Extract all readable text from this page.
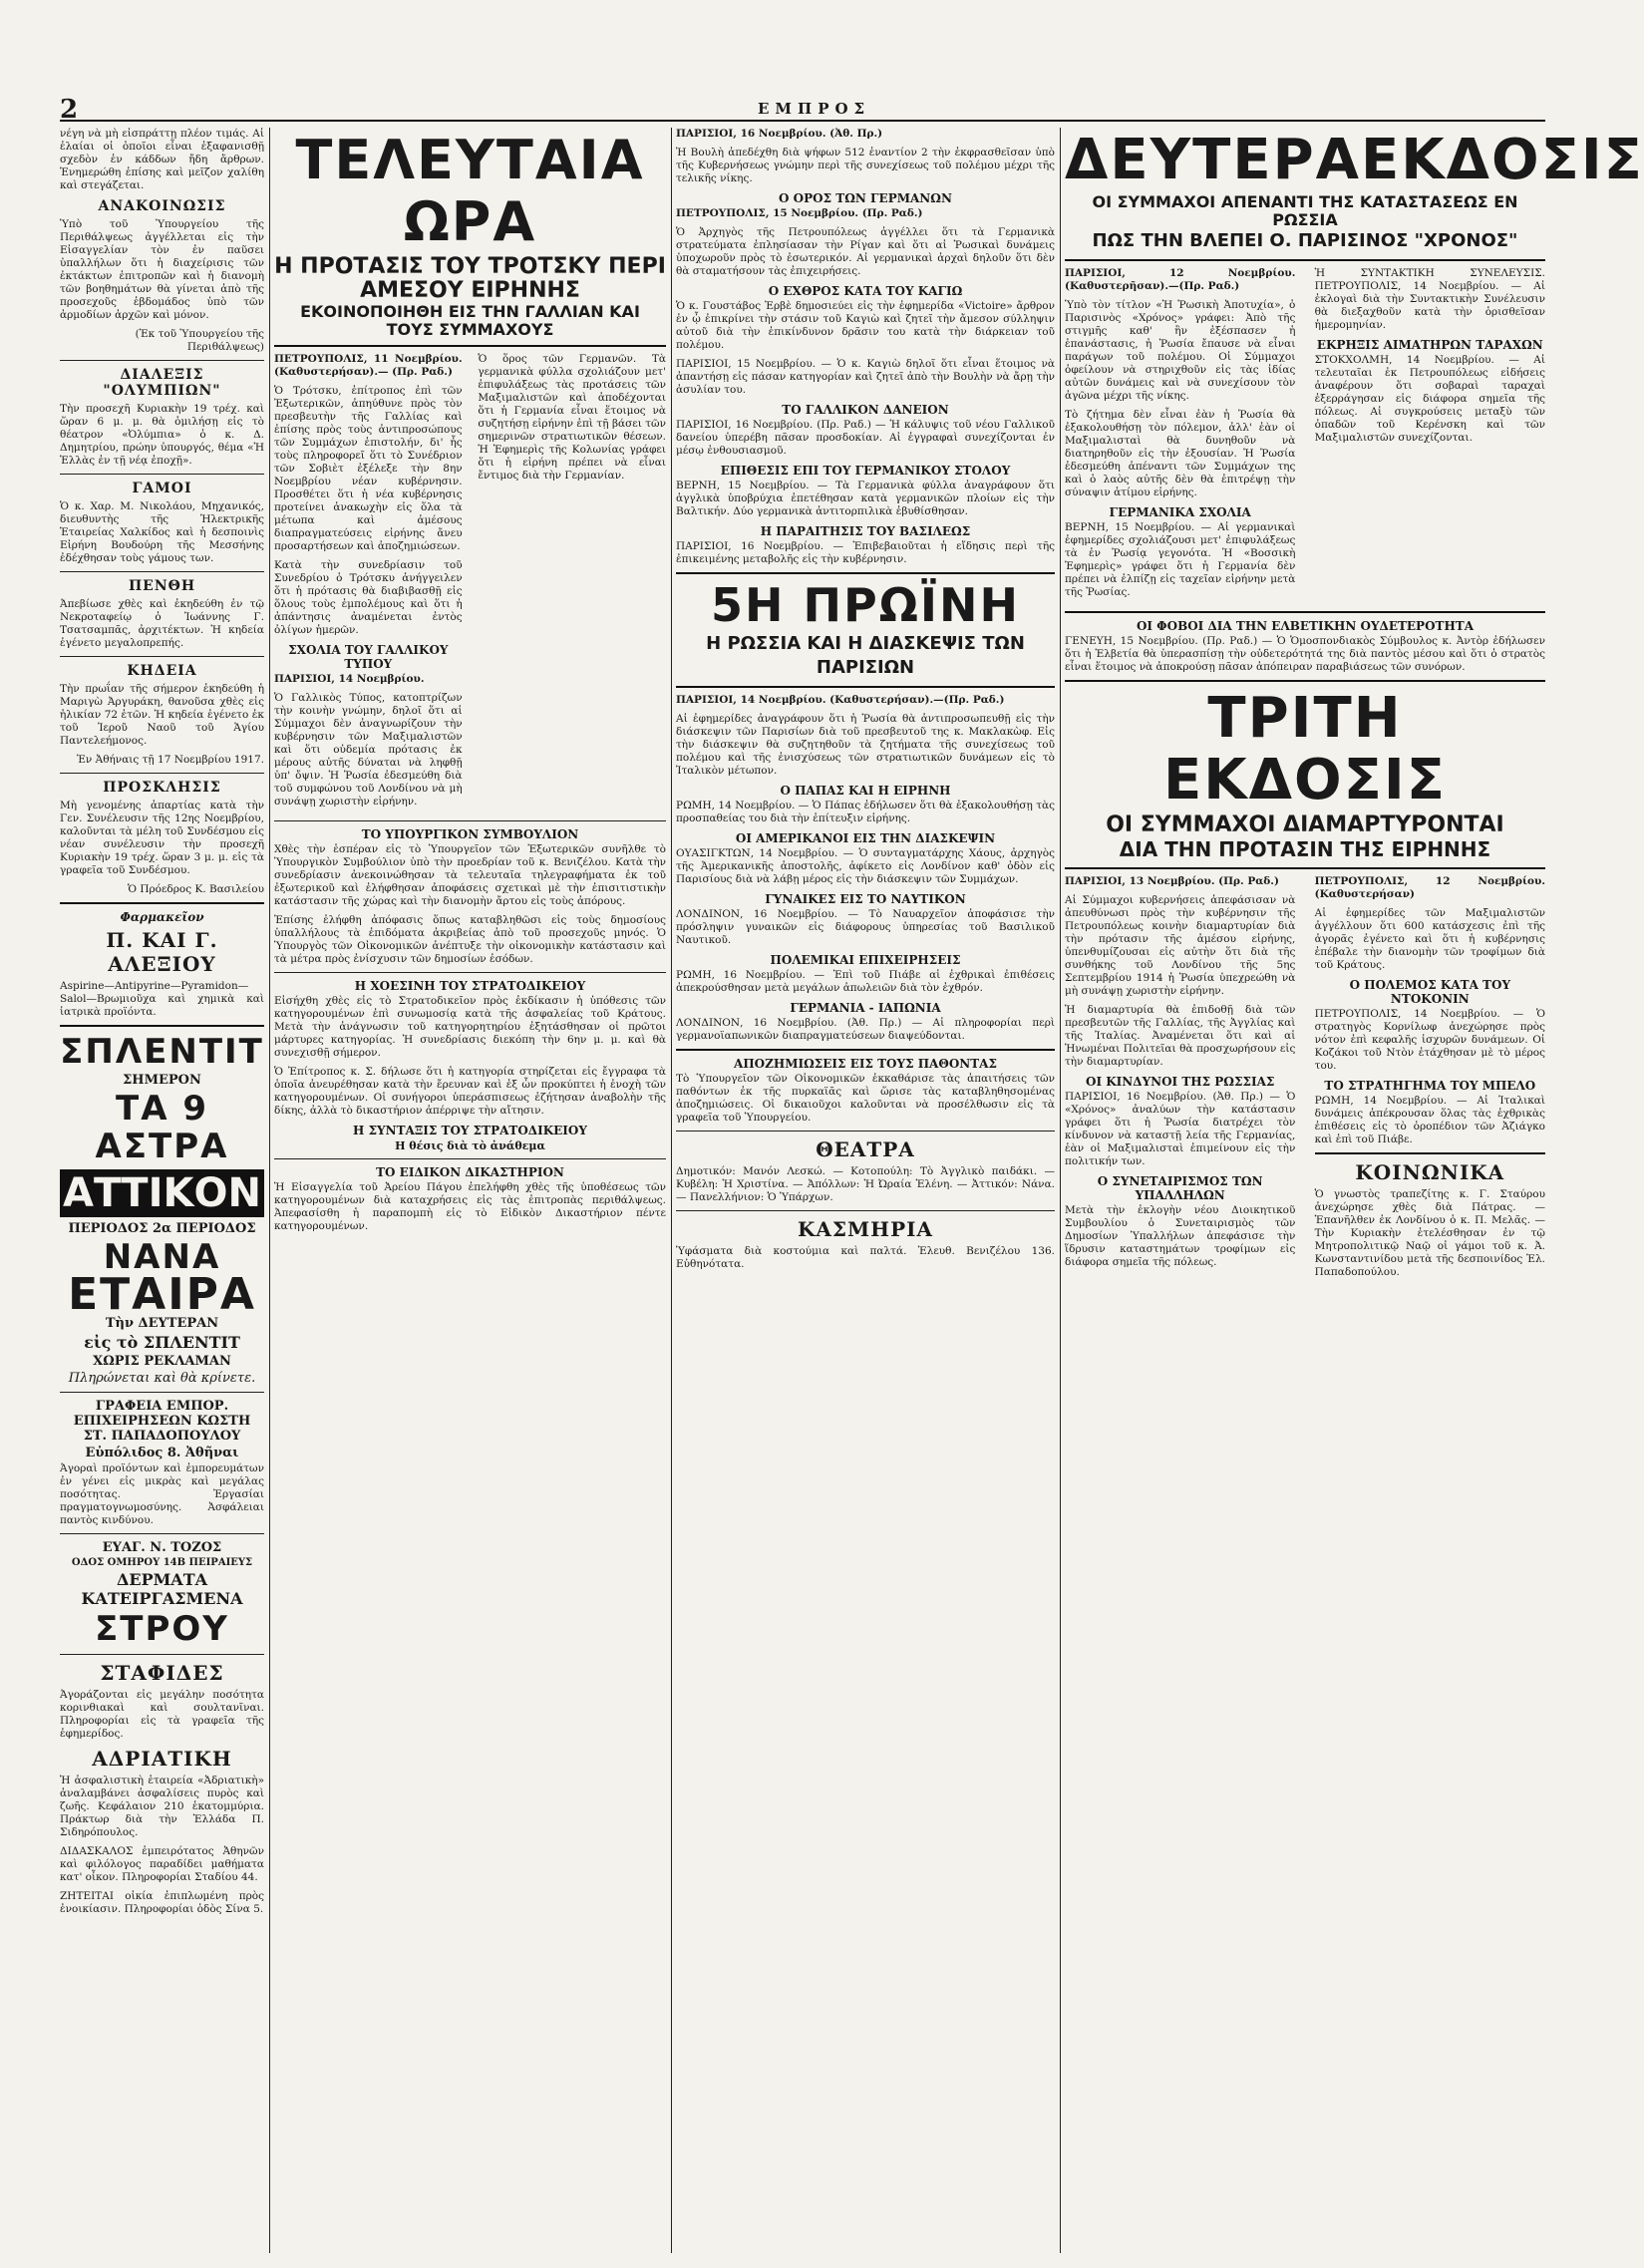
2	ΕΜΠΡΟΣ

νέγη νὰ μὴ εἰσπράττῃ πλέον τιμάς. Αἱ ἐλαίαι οἱ ὁποῖοι εἶναι ἐξαφανισθῇ σχεδὸν ἐν κάδδων ἤδη ἄρθρων. Ἐνημερώθη ἐπίσης καὶ μεῖζον χαλίθη καὶ στεγάζεται.

ΑΝΑΚΟΙΝΩΣΙΣ

Ὑπὸ τοῦ Ὑπουργείου τῆς Περιθάλψεως ἀγγέλλεται εἰς τὴν Εἰσαγγελίαν τὸν ἐν παῦσει ὑπαλλήλων ὅτι ἡ διαχείρισις τῶν ἐκτάκτων ἐπιτροπῶν καὶ ἡ διανομὴ τῶν βοηθημάτων θὰ γίνεται ἀπὸ τῆς προσεχοῦς ἑβδομάδος ὑπὸ τῶν ἀρμοδίων ἀρχῶν καὶ μόνον.

(Ἐκ τοῦ Ὑπουργείου τῆς Περιθάλψεως)

ΔΙΑΛΕΞΙΣ "ΟΛΥΜΠΙΩΝ"

Τὴν προσεχῆ Κυριακὴν 19 τρέχ. καὶ ὥραν 6 μ. μ. θὰ ὁμιλήσῃ εἰς τὸ θέατρον «Ὀλύμπια» ὁ κ. Δ. Δημητρίου, πρώην ὑπουργός, θέμα «Ἡ Ἑλλὰς ἐν τῇ νέᾳ ἐποχῇ».

ΓΑΜΟΙ

Ὁ κ. Χαρ. Μ. Νικολάου, Μηχανικός, διευθυντὴς τῆς Ἠλεκτρικῆς Ἑταιρείας Χαλκίδος καὶ ἡ δεσποινὶς Εἰρήνη Βουδούρη τῆς Μεσσήνης ἐδέχθησαν τοὺς γάμους των.

ΠΕΝΘΗ

Ἀπεβίωσε χθὲς καὶ ἐκηδεύθη ἐν τῷ Νεκροταφείῳ ὁ Ἰωάννης Γ. Τσατσαμπᾶς, ἀρχιτέκτων. Ἡ κηδεία ἐγένετο μεγαλοπρεπής.

ΚΗΔΕΙΑ

Τὴν πρωΐαν τῆς σήμερον ἐκηδεύθη ἡ Μαριγὼ Ἀργυράκη, θανοῦσα χθὲς εἰς ἡλικίαν 72 ἐτῶν. Ἡ κηδεία ἐγένετο ἐκ τοῦ Ἱεροῦ Ναοῦ τοῦ Ἁγίου Παντελεήμονος.

Ἐν Ἀθήναις τῇ 17 Νοεμβρίου 1917.

ΠΡΟΣΚΛΗΣΙΣ

Μὴ γενομένης ἀπαρτίας κατὰ τὴν Γεν. Συνέλευσιν τῆς 12ης Νοεμβρίου, καλοῦνται τὰ μέλη τοῦ Συνδέσμου εἰς νέαν συνέλευσιν τὴν προσεχῆ Κυριακὴν 19 τρέχ. ὥραν 3 μ. μ. εἰς τὰ γραφεῖα τοῦ Συνδέσμου.

Ὁ Πρόεδρος Κ. Βασιλείου

Φαρμακεῖον
Π. ΚΑΙ Γ. ΑΛΕΞΙΟΥ

Aspirine—Antipyrine—Pyramidon—Salol—Βρωμιοῦχα καὶ χημικὰ καὶ ἰατρικὰ προϊόντα.

ΣΠΛΕΝΤΙΤ
ΣΗΜΕΡΟΝ
ΤΑ 9 ΑΣΤΡΑ
ΑΤΤΙΚΟΝ
ΠΕΡΙΟΔΟΣ 2α ΠΕΡΙΟΔΟΣ
ΝΑΝΑ
ΕΤΑΙΡΑ
Τὴν ΔΕΥΤΕΡΑΝ
εἰς τὸ ΣΠΛΕΝΤΙΤ
ΧΩΡΙΣ ΡΕΚΛΑΜΑΝ
Πληρώνεται καὶ θὰ κρίνετε.
ΓΡΑΦΕΙΑ ΕΜΠΟΡ. ΕΠΙΧΕΙΡΗΣΕΩΝ ΚΩΣΤΗ ΣΤ. ΠΑΠΑΔΟΠΟΥΛΟΥ
Εὐπόλιδος 8. Ἀθῆναι

Ἀγοραὶ προϊόντων καὶ ἐμπορευμάτων ἐν γένει εἰς μικρὰς καὶ μεγάλας ποσότητας. Ἐργασίαι πραγματογνωμοσύνης. Ἀσφάλειαι παντὸς κινδύνου.

ΕΥΑΓ. Ν. ΤΟΖΟΣ
ΟΔΟΣ ΟΜΗΡΟΥ 14Β ΠΕΙΡΑΙΕΥΣ
ΔΕΡΜΑΤΑ ΚΑΤΕΙΡΓΑΣΜΕΝΑ
ΣΤΡΟΥ
ΣΤΑΦΙΔΕΣ

Ἀγοράζονται εἰς μεγάλην ποσότητα κορινθιακαὶ καὶ σουλτανῖναι. Πληροφορίαι εἰς τὰ γραφεῖα τῆς ἐφημερίδος.

ΑΔΡΙΑΤΙΚΗ

Ἡ ἀσφαλιστικὴ ἑταιρεία «Ἀδριατικὴ» ἀναλαμβάνει ἀσφαλίσεις πυρὸς καὶ ζωῆς. Κεφάλαιον 210 ἑκατομμύρια. Πράκτωρ διὰ τὴν Ἑλλάδα Π. Σιδηρόπουλος.

ΔΙΔΑΣΚΑΛΟΣ ἐμπειρότατος Ἀθηνῶν καὶ φιλόλογος παραδίδει μαθήματα κατ' οἶκον. Πληροφορίαι Σταδίου 44.

ΖΗΤΕΙΤΑΙ οἰκία ἐπιπλωμένη πρὸς ἐνοικίασιν. Πληροφορίαι ὁδὸς Σίνα 5.

ΤΕΛΕΥΤΑΙΑ ΩΡΑ
Η ΠΡΟΤΑΣΙΣ ΤΟΥ ΤΡΟΤΣΚΥ ΠΕΡΙ ΑΜΕΣΟΥ ΕΙΡΗΝΗΣ
ΕΚΟΙΝΟΠΟΙΗΘΗ ΕΙΣ ΤΗΝ ΓΑΛΛΙΑΝ ΚΑΙ ΤΟΥΣ ΣΥΜΜΑΧΟΥΣ

ΠΕΤΡΟΥΠΟΛΙΣ, 11 Νοεμβρίου. (Καθυστερήσαν).— (Πρ. Ραδ.)

Ὁ Τρότσκυ, ἐπίτροπος ἐπὶ τῶν Ἐξωτερικῶν, ἀπηύθυνε πρὸς τὸν πρεσβευτὴν τῆς Γαλλίας καὶ ἐπίσης πρὸς τοὺς ἀντιπροσώπους τῶν Συμμάχων ἐπιστολήν, δι' ἧς τοὺς πληροφορεῖ ὅτι τὸ Συνέδριον τῶν Σοβιὲτ ἐξέλεξε τὴν 8ην Νοεμβρίου νέαν κυβέρνησιν. Προσθέτει ὅτι ἡ νέα κυβέρνησις προτείνει ἀνακωχὴν εἰς ὅλα τὰ μέτωπα καὶ ἀμέσους διαπραγματεύσεις εἰρήνης ἄνευ προσαρτήσεων καὶ ἀποζημιώσεων.

Κατὰ τὴν συνεδρίασιν τοῦ Συνεδρίου ὁ Τρότσκυ ἀνήγγειλεν ὅτι ἡ πρότασις θὰ διαβιβασθῇ εἰς ὅλους τοὺς ἐμπολέμους καὶ ὅτι ἡ ἀπάντησις ἀναμένεται ἐντὸς ὀλίγων ἡμερῶν.

ΣΧΟΛΙΑ ΤΟΥ ΓΑΛΛΙΚΟΥ ΤΥΠΟΥ

ΠΑΡΙΣΙΟΙ, 14 Νοεμβρίου.

Ὁ Γαλλικὸς Τύπος, κατοπτρίζων τὴν κοινὴν γνώμην, δηλοῖ ὅτι αἱ Σύμμαχοι δὲν ἀναγνωρίζουν τὴν κυβέρνησιν τῶν Μαξιμαλιστῶν καὶ ὅτι οὐδεμία πρότασις ἐκ μέρους αὐτῆς δύναται νὰ ληφθῇ ὑπ' ὄψιν. Ἡ Ῥωσία ἐδεσμεύθη διὰ τοῦ συμφώνου τοῦ Λονδίνου νὰ μὴ συνάψῃ χωριστὴν εἰρήνην.

Ὁ ὅρος τῶν Γερμανῶν. Τὰ γερμανικὰ φύλλα σχολιάζουν μετ' ἐπιφυλάξεως τὰς προτάσεις τῶν Μαξιμαλιστῶν καὶ ἀποδέχονται ὅτι ἡ Γερμανία εἶναι ἕτοιμος νὰ συζητήσῃ εἰρήνην ἐπὶ τῇ βάσει τῶν σημερινῶν στρατιωτικῶν θέσεων. Ἡ Ἐφημερὶς τῆς Κολωνίας γράφει ὅτι ἡ εἰρήνη πρέπει νὰ εἶναι ἔντιμος διὰ τὴν Γερμανίαν.

ΤΟ ΥΠΟΥΡΓΙΚΟΝ ΣΥΜΒΟΥΛΙΟΝ

Χθὲς τὴν ἑσπέραν εἰς τὸ Ὑπουργεῖον τῶν Ἐξωτερικῶν συνῆλθε τὸ Ὑπουργικὸν Συμβούλιον ὑπὸ τὴν προεδρίαν τοῦ κ. Βενιζέλου. Κατὰ τὴν συνεδρίασιν ἀνεκοινώθησαν τὰ τελευταῖα τηλεγραφήματα ἐκ τοῦ ἐξωτερικοῦ καὶ ἐλήφθησαν ἀποφάσεις σχετικαὶ μὲ τὴν ἐπισιτιστικὴν κατάστασιν τῆς χώρας καὶ τὴν διανομὴν ἄρτου εἰς τοὺς ἀπόρους.

Ἐπίσης ἐλήφθη ἀπόφασις ὅπως καταβληθῶσι εἰς τοὺς δημοσίους ὑπαλλήλους τὰ ἐπιδόματα ἀκριβείας ἀπὸ τοῦ προσεχοῦς μηνός. Ὁ Ὑπουργὸς τῶν Οἰκονομικῶν ἀνέπτυξε τὴν οἰκονομικὴν κατάστασιν καὶ τὰ μέτρα πρὸς ἐνίσχυσιν τῶν δημοσίων ἐσόδων.

Η ΧΟΕΣΙΝΗ ΤΟΥ ΣΤΡΑΤΟΔΙΚΕΙΟΥ

Εἰσήχθη χθὲς εἰς τὸ Στρατοδικεῖον πρὸς ἐκδίκασιν ἡ ὑπόθεσις τῶν κατηγορουμένων ἐπὶ συνωμοσίᾳ κατὰ τῆς ἀσφαλείας τοῦ Κράτους. Μετὰ τὴν ἀνάγνωσιν τοῦ κατηγορητηρίου ἐξητάσθησαν οἱ πρῶτοι μάρτυρες κατηγορίας. Ἡ συνεδρίασις διεκόπη τὴν 6ην μ. μ. καὶ θὰ συνεχισθῇ σήμερον.

Ὁ Ἐπίτροπος κ. Σ. δήλωσε ὅτι ἡ κατηγορία στηρίζεται εἰς ἔγγραφα τὰ ὁποῖα ἀνευρέθησαν κατὰ τὴν ἔρευναν καὶ ἐξ ὧν προκύπτει ἡ ἐνοχὴ τῶν κατηγορουμένων. Οἱ συνήγοροι ὑπεράσπισεως ἐζήτησαν ἀναβολὴν τῆς δίκης, ἀλλὰ τὸ δικαστήριον ἀπέρριψε τὴν αἴτησιν.

Η ΣΥΝΤΑΞΙΣ ΤΟΥ ΣΤΡΑΤΟΔΙΚΕΙΟΥ
Η θέσις διὰ τὸ ἀνάθεμα
ΤΟ ΕΙΔΙΚΟΝ ΔΙΚΑΣΤΗΡΙΟΝ

Ἡ Εἰσαγγελία τοῦ Ἀρείου Πάγου ἐπελήφθη χθὲς τῆς ὑποθέσεως τῶν κατηγορουμένων διὰ καταχρήσεις εἰς τὰς ἐπιτροπὰς περιθάλψεως. Ἀπεφασίσθη ἡ παραπομπὴ εἰς τὸ Εἰδικὸν Δικαστήριον πέντε κατηγορουμένων.

ΠΑΡΙΣΙΟΙ, 16 Νοεμβρίου. (Ἀθ. Πρ.)

Ἡ Βουλὴ ἀπεδέχθη διὰ ψήφων 512 ἐναντίον 2 τὴν ἐκφρασθεῖσαν ὑπὸ τῆς Κυβερνήσεως γνώμην περὶ τῆς συνεχίσεως τοῦ πολέμου μέχρι τῆς τελικῆς νίκης.

Ο ΟΡΟΣ ΤΩΝ ΓΕΡΜΑΝΩΝ

ΠΕΤΡΟΥΠΟΛΙΣ, 15 Νοεμβρίου. (Πρ. Ραδ.)

Ὁ Ἀρχηγὸς τῆς Πετρουπόλεως ἀγγέλλει ὅτι τὰ Γερμανικὰ στρατεύματα ἐπλησίασαν τὴν Ρίγαν καὶ ὅτι αἱ Ῥωσικαὶ δυνάμεις ὑποχωροῦν πρὸς τὸ ἐσωτερικόν. Αἱ γερμανικαὶ ἀρχαὶ δηλοῦν ὅτι δὲν θὰ σταματήσουν τὰς ἐπιχειρήσεις.

Ο ΕΧΘΡΟΣ ΚΑΤΑ ΤΟΥ ΚΑΓΙΩ

Ὁ κ. Γουστάβος Ἐρβὲ δημοσιεύει εἰς τὴν ἐφημερίδα «Victoire» ἄρθρον ἐν ᾧ ἐπικρίνει τὴν στάσιν τοῦ Καγιὼ καὶ ζητεῖ τὴν ἄμεσον σύλληψιν αὐτοῦ διὰ τὴν ἐπικίνδυνον δρᾶσιν του κατὰ τὴν διάρκειαν τοῦ πολέμου.

ΠΑΡΙΣΙΟΙ, 15 Νοεμβρίου. — Ὁ κ. Καγιὼ δηλοῖ ὅτι εἶναι ἕτοιμος νὰ ἀπαντήσῃ εἰς πάσαν κατηγορίαν καὶ ζητεῖ ἀπὸ τὴν Βουλὴν νὰ ἄρῃ τὴν ἀσυλίαν του.

ΤΟ ΓΑΛΛΙΚΟΝ ΔΑΝΕΙΟΝ

ΠΑΡΙΣΙΟΙ, 16 Νοεμβρίου. (Πρ. Ραδ.) — Ἡ κάλυψις τοῦ νέου Γαλλικοῦ δανείου ὑπερέβη πᾶσαν προσδοκίαν. Αἱ ἐγγραφαὶ συνεχίζονται ἐν μέσῳ ἐνθουσιασμοῦ.

ΕΠΙΘΕΣΙΣ ΕΠΙ ΤΟΥ ΓΕΡΜΑΝΙΚΟΥ ΣΤΟΛΟΥ

ΒΕΡΝΗ, 15 Νοεμβρίου. — Τὰ Γερμανικὰ φύλλα ἀναγράφουν ὅτι ἀγγλικὰ ὑποβρύχια ἐπετέθησαν κατὰ γερμανικῶν πλοίων εἰς τὴν Βαλτικήν. Δύο γερμανικὰ ἀντιτορπιλικὰ ἐβυθίσθησαν.

Η ΠΑΡΑΙΤΗΣΙΣ ΤΟΥ ΒΑΣΙΛΕΩΣ

ΠΑΡΙΣΙΟΙ, 16 Νοεμβρίου. — Ἐπιβεβαιοῦται ἡ εἴδησις περὶ τῆς ἐπικειμένης μεταβολῆς εἰς τὴν κυβέρνησιν.

5Η ΠΡΩΪΝΗ
Η ΡΩΣΣΙΑ ΚΑΙ Η ΔΙΑΣΚΕΨΙΣ ΤΩΝ ΠΑΡΙΣΙΩΝ

ΠΑΡΙΣΙΟΙ, 14 Νοεμβρίου. (Καθυστερήσαν).—(Πρ. Ραδ.)

Αἱ ἐφημερίδες ἀναγράφουν ὅτι ἡ Ῥωσία θὰ ἀντιπροσωπευθῇ εἰς τὴν διάσκεψιν τῶν Παρισίων διὰ τοῦ πρεσβευτοῦ της κ. Μακλακὼφ. Εἰς τὴν διάσκεψιν θὰ συζητηθοῦν τὰ ζητήματα τῆς συνεχίσεως τοῦ πολέμου καὶ τῆς ἐνισχύσεως τῶν στρατιωτικῶν δυνάμεων εἰς τὸ Ἰταλικὸν μέτωπον.

Ο ΠΑΠΑΣ ΚΑΙ Η ΕΙΡΗΝΗ

ΡΩΜΗ, 14 Νοεμβρίου. — Ὁ Πάπας ἐδήλωσεν ὅτι θὰ ἐξακολουθήσῃ τὰς προσπαθείας του διὰ τὴν ἐπίτευξιν εἰρήνης.

ΟΙ ΑΜΕΡΙΚΑΝΟΙ ΕΙΣ ΤΗΝ ΔΙΑΣΚΕΨΙΝ

ΟΥΑΣΙΓΚΤΩΝ, 14 Νοεμβρίου. — Ὁ συνταγματάρχης Χάους, ἀρχηγὸς τῆς Ἀμερικανικῆς ἀποστολῆς, ἀφίκετο εἰς Λονδίνον καθ' ὁδὸν εἰς Παρισίους διὰ νὰ λάβῃ μέρος εἰς τὴν διάσκεψιν τῶν Συμμάχων.

ΓΥΝΑΙΚΕΣ ΕΙΣ ΤΟ ΝΑΥΤΙΚΟΝ

ΛΟΝΔΙΝΟΝ, 16 Νοεμβρίου. — Τὸ Ναυαρχεῖον ἀποφάσισε τὴν πρόσληψιν γυναικῶν εἰς διάφορους ὑπηρεσίας τοῦ Βασιλικοῦ Ναυτικοῦ.

ΠΟΛΕΜΙΚΑΙ ΕΠΙΧΕΙΡΗΣΕΙΣ

ΡΩΜΗ, 16 Νοεμβρίου. — Ἐπὶ τοῦ Πιάβε αἱ ἐχθρικαὶ ἐπιθέσεις ἀπεκρούσθησαν μετὰ μεγάλων ἀπωλειῶν διὰ τὸν ἐχθρόν.

ΓΕΡΜΑΝΙΑ - ΙΑΠΩΝΙΑ

ΛΟΝΔΙΝΟΝ, 16 Νοεμβρίου. (Ἀθ. Πρ.) — Αἱ πληροφορίαι περὶ γερμανοϊαπωνικῶν διαπραγματεύσεων διαψεύδονται.

ΑΠΟΖΗΜΙΩΣΕΙΣ ΕΙΣ ΤΟΥΣ ΠΑΘΟΝΤΑΣ

Τὸ Ὑπουργεῖον τῶν Οἰκονομικῶν ἐκκαθάρισε τὰς ἀπαιτήσεις τῶν παθόντων ἐκ τῆς πυρκαϊᾶς καὶ ὥρισε τὰς καταβληθησομένας ἀποζημιώσεις. Οἱ δικαιοῦχοι καλοῦνται νὰ προσέλθωσιν εἰς τὰ γραφεῖα τοῦ Ὑπουργείου.

ΘΕΑΤΡΑ

Δημοτικόν: Μανόν Λεσκώ. — Κοτοπούλη: Τὸ Ἀγγλικὸ παιδάκι. — Κυβέλη: Ἡ Χριστίνα. — Ἀπόλλων: Ἡ Ὠραία Ἑλένη. — Ἀττικόν: Νάνα. — Πανελλήνιον: Ὁ Ὑπάρχων.

ΚΑΣΜΗΡΙΑ

Ὑφάσματα διὰ κοστούμια καὶ παλτά. Ἐλευθ. Βενιζέλου 136. Εὐθηνότατα.

ΔΕΥΤΕΡΑΕΚΔΟΣΙΣ
ΟΙ ΣΥΜΜΑΧΟΙ ΑΠΕΝΑΝΤΙ ΤΗΣ ΚΑΤΑΣΤΑΣΕΩΣ ΕΝ ΡΩΣΣΙΑ
ΠΩΣ ΤΗΝ ΒΛΕΠΕΙ Ο. ΠΑΡΙΣΙΝΟΣ "ΧΡΟΝΟΣ"

ΠΑΡΙΣΙΟΙ, 12 Νοεμβρίου. (Καθυστερῆσαν).—(Πρ. Ραδ.)

Ὑπὸ τὸν τίτλον «Ἡ Ῥωσικὴ Ἀποτυχία», ὁ Παρισινὸς «Χρόνος» γράφει: Ἀπὸ τῆς στιγμῆς καθ' ἣν ἐξέσπασεν ἡ ἐπανάστασις, ἡ Ῥωσία ἔπαυσε νὰ εἶναι παράγων τοῦ πολέμου. Οἱ Σύμμαχοι ὀφείλουν νὰ στηριχθοῦν εἰς τὰς ἰδίας αὐτῶν δυνάμεις καὶ νὰ συνεχίσουν τὸν ἀγῶνα μέχρι τῆς νίκης.

Τὸ ζήτημα δὲν εἶναι ἐὰν ἡ Ῥωσία θὰ ἐξακολουθήσῃ τὸν πόλεμον, ἀλλ' ἐὰν οἱ Μαξιμαλισταὶ θὰ δυνηθοῦν νὰ διατηρηθοῦν εἰς τὴν ἐξουσίαν. Ἡ Ῥωσία ἐδεσμεύθη ἀπέναντι τῶν Συμμάχων της καὶ ὁ λαὸς αὐτῆς δὲν θὰ ἐπιτρέψῃ τὴν σύναψιν ἀτίμου εἰρήνης.

ΓΕΡΜΑΝΙΚΑ ΣΧΟΛΙΑ

ΒΕΡΝΗ, 15 Νοεμβρίου. — Αἱ γερμανικαὶ ἐφημερίδες σχολιάζουσι μετ' ἐπιφυλάξεως τὰ ἐν Ῥωσίᾳ γεγονότα. Ἡ «Βοσσικὴ Ἐφημερὶς» γράφει ὅτι ἡ Γερμανία δὲν πρέπει νὰ ἐλπίζῃ εἰς ταχεῖαν εἰρήνην μετὰ τῆς Ῥωσίας.

Ἡ ΣΥΝΤΑΚΤΙΚΗ ΣΥΝΕΛΕΥΣΙΣ. ΠΕΤΡΟΥΠΟΛΙΣ, 14 Νοεμβρίου. — Αἱ ἐκλογαὶ διὰ τὴν Συντακτικὴν Συνέλευσιν θὰ διεξαχθοῦν κατὰ τὴν ὁρισθεῖσαν ἡμερομηνίαν.

ΕΚΡΗΞΙΣ ΑΙΜΑΤΗΡΩΝ ΤΑΡΑΧΩΝ

ΣΤΟΚΧΟΛΜΗ, 14 Νοεμβρίου. — Αἱ τελευταῖαι ἐκ Πετρουπόλεως εἰδήσεις ἀναφέρουν ὅτι σοβαραὶ ταραχαὶ ἐξερράγησαν εἰς διάφορα σημεῖα τῆς πόλεως. Αἱ συγκρούσεις μεταξὺ τῶν ὀπαδῶν τοῦ Κερένσκη καὶ τῶν Μαξιμαλιστῶν συνεχίζονται.

ΟΙ ΦΟΒΟΙ ΔΙΑ ΤΗΝ ΕΛΒΕΤΙΚΗΝ ΟΥΔΕΤΕΡΟΤΗΤΑ

ΓΕΝΕΥΗ, 15 Νοεμβρίου. (Πρ. Ραδ.) — Ὁ Ὁμοσπονδιακὸς Σύμβουλος κ. Ἀντὸρ ἐδήλωσεν ὅτι ἡ Ἑλβετία θὰ ὑπερασπίσῃ τὴν οὐδετερότητά της διὰ παντὸς μέσου καὶ ὅτι ὁ στρατὸς εἶναι ἕτοιμος νὰ ἀποκρούσῃ πᾶσαν ἀπόπειραν παραβιάσεως τῶν συνόρων.

ΤΡΙΤΗ ΕΚΔΟΣΙΣ
ΟΙ ΣΥΜΜΑΧΟΙ ΔΙΑΜΑΡΤΥΡΟΝΤΑΙ
ΔΙΑ ΤΗΝ ΠΡΟΤΑΣΙΝ ΤΗΣ ΕΙΡΗΝΗΣ

ΠΑΡΙΣΙΟΙ, 13 Νοεμβρίου. (Πρ. Ραδ.)

Αἱ Σύμμαχοι κυβερνήσεις ἀπεφάσισαν νὰ ἀπευθύνωσι πρὸς τὴν κυβέρνησιν τῆς Πετρουπόλεως κοινὴν διαμαρτυρίαν διὰ τὴν πρότασιν τῆς ἀμέσου εἰρήνης, ὑπενθυμίζουσαι εἰς αὐτὴν ὅτι διὰ τῆς συνθήκης τοῦ Λονδίνου τῆς 5ης Σεπτεμβρίου 1914 ἡ Ῥωσία ὑπεχρεώθη νὰ μὴ συνάψῃ χωριστὴν εἰρήνην.

Ἡ διαμαρτυρία θὰ ἐπιδοθῇ διὰ τῶν πρεσβευτῶν τῆς Γαλλίας, τῆς Ἀγγλίας καὶ τῆς Ἰταλίας. Ἀναμένεται ὅτι καὶ αἱ Ἡνωμέναι Πολιτεῖαι θὰ προσχωρήσουν εἰς τὴν διαμαρτυρίαν.

ΟΙ ΚΙΝΔΥΝΟΙ ΤΗΣ ΡΩΣΣΙΑΣ

ΠΑΡΙΣΙΟΙ, 16 Νοεμβρίου. (Ἀθ. Πρ.) — Ὁ «Χρόνος» ἀναλύων τὴν κατάστασιν γράφει ὅτι ἡ Ῥωσία διατρέχει τὸν κίνδυνον νὰ καταστῇ λεία τῆς Γερμανίας, ἐὰν οἱ Μαξιμαλισταὶ ἐπιμείνουν εἰς τὴν πολιτικήν των.

Ο ΣΥΝΕΤΑΙΡΙΣΜΟΣ ΤΩΝ ΥΠΑΛΛΗΛΩΝ

Μετὰ τὴν ἐκλογὴν νέου Διοικητικοῦ Συμβουλίου ὁ Συνεταιρισμὸς τῶν Δημοσίων Ὑπαλλήλων ἀπεφάσισε τὴν ἵδρυσιν καταστημάτων τροφίμων εἰς διάφορα σημεῖα τῆς πόλεως.

ΠΕΤΡΟΥΠΟΛΙΣ, 12 Νοεμβρίου. (Καθυστερήσαν)

Αἱ ἐφημερίδες τῶν Μαξιμαλιστῶν ἀγγέλλουν ὅτι 600 κατάσχεσις ἐπὶ τῆς ἀγορᾶς ἐγένετο καὶ ὅτι ἡ κυβέρνησις ἐπέβαλε τὴν διανομὴν τῶν τροφίμων διὰ τοῦ Κράτους.

Ο ΠΟΛΕΜΟΣ ΚΑΤΑ ΤΟΥ ΝΤΟΚΟΝΙΝ

ΠΕΤΡΟΥΠΟΛΙΣ, 14 Νοεμβρίου. — Ὁ στρατηγὸς Κορνίλωφ ἀνεχώρησε πρὸς νότον ἐπὶ κεφαλῆς ἰσχυρῶν δυνάμεων. Οἱ Κοζάκοι τοῦ Ντὸν ἐτάχθησαν μὲ τὸ μέρος του.

ΤΟ ΣΤΡΑΤΗΓΗΜΑ ΤΟΥ ΜΠΕΛΟ

ΡΩΜΗ, 14 Νοεμβρίου. — Αἱ Ἰταλικαὶ δυνάμεις ἀπέκρουσαν ὅλας τὰς ἐχθρικὰς ἐπιθέσεις εἰς τὸ ὀροπέδιον τῶν Ἀζιάγκο καὶ ἐπὶ τοῦ Πιάβε.

ΚΟΙΝΩΝΙΚΑ

Ὁ γνωστὸς τραπεζίτης κ. Γ. Σταύρου ἀνεχώρησε χθὲς διὰ Πάτρας. — Ἐπανῆλθεν ἐκ Λονδίνου ὁ κ. Π. Μελᾶς. — Τὴν Κυριακὴν ἐτελέσθησαν ἐν τῷ Μητροπολιτικῷ Ναῷ οἱ γάμοι τοῦ κ. Ἀ. Κωνσταντινίδου μετὰ τῆς δεσποινίδος Ἑλ. Παπαδοπούλου.
